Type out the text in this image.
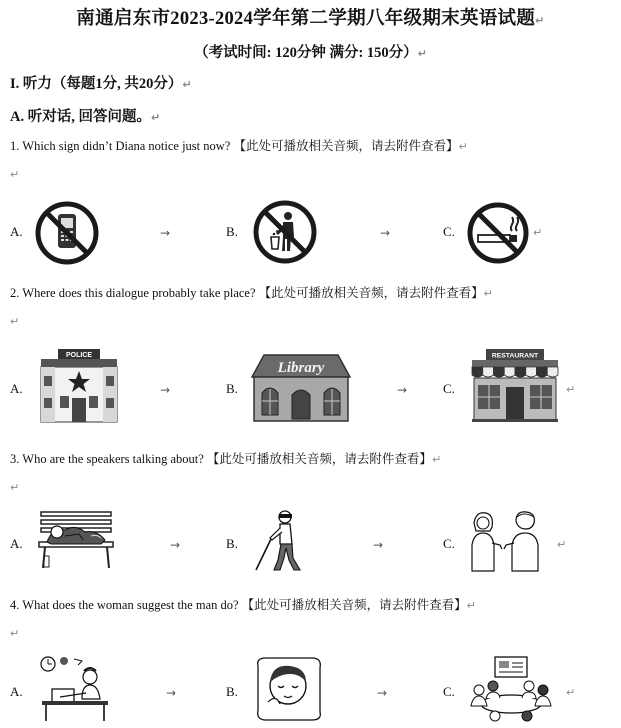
南通启东市2023-2024学年第二学期八年级期末英语试题↵
（考试时间: 120分钟 满分: 150分）↵
I. 听力（每题1分, 共20分）↵
A. 听对话, 回答问题。↵
1. Which sign didn’t Diana notice just now? 【此处可播放相关音频，请去附件查看】↵
↵
A.	→	B.	→	C.	↵
2. Where does this dialogue probably take place? 【此处可播放相关音频，请去附件查看】↵
↵
A.
POLICE
→	B.
Library
→	C.
RESTAURANT
↵
3. Who are the speakers talking about? 【此处可播放相关音频，请去附件查看】↵
↵
A.	→	B.	→	C.	↵
4. What does the woman suggest the man do? 【此处可播放相关音频，请去附件查看】↵
↵
A.	→	B.	→	C.	↵
